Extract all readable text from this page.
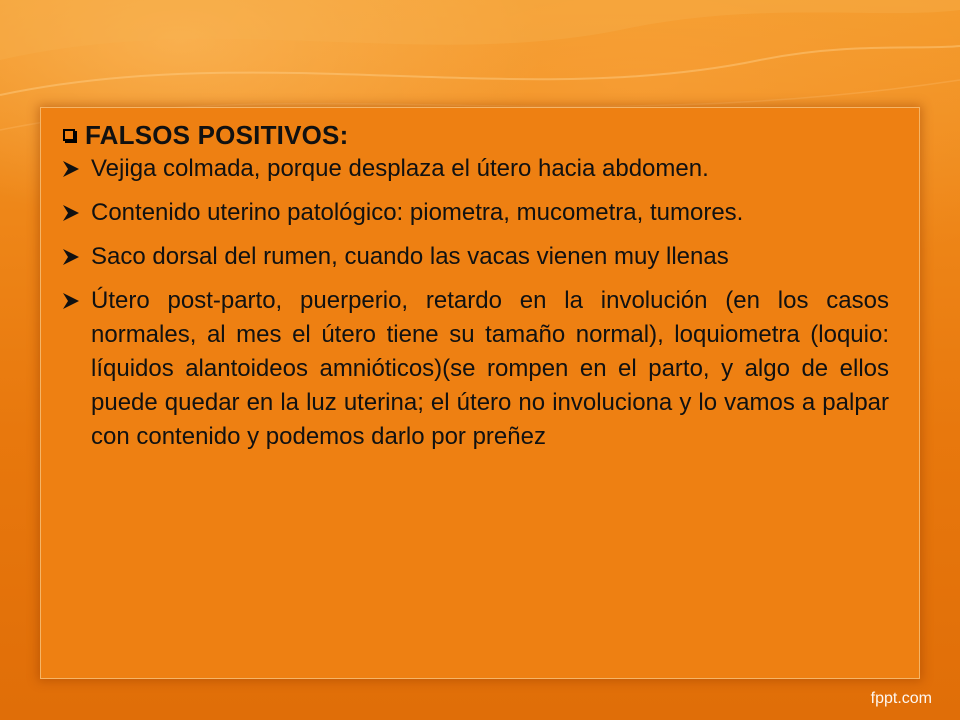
FALSOS POSITIVOS:
Vejiga colmada, porque desplaza el útero hacia abdomen.
Contenido uterino patológico: piometra, mucometra, tumores.
Saco dorsal del rumen, cuando las vacas vienen muy llenas
Útero post-parto, puerperio, retardo en la involución (en los casos normales, al mes el útero tiene su tamaño normal), loquiometra (loquio: líquidos alantoideos amnióticos)(se rompen en el parto, y algo de ellos puede quedar en la luz uterina; el útero no involuciona y lo vamos a palpar con contenido y podemos darlo por preñez
fppt.com
